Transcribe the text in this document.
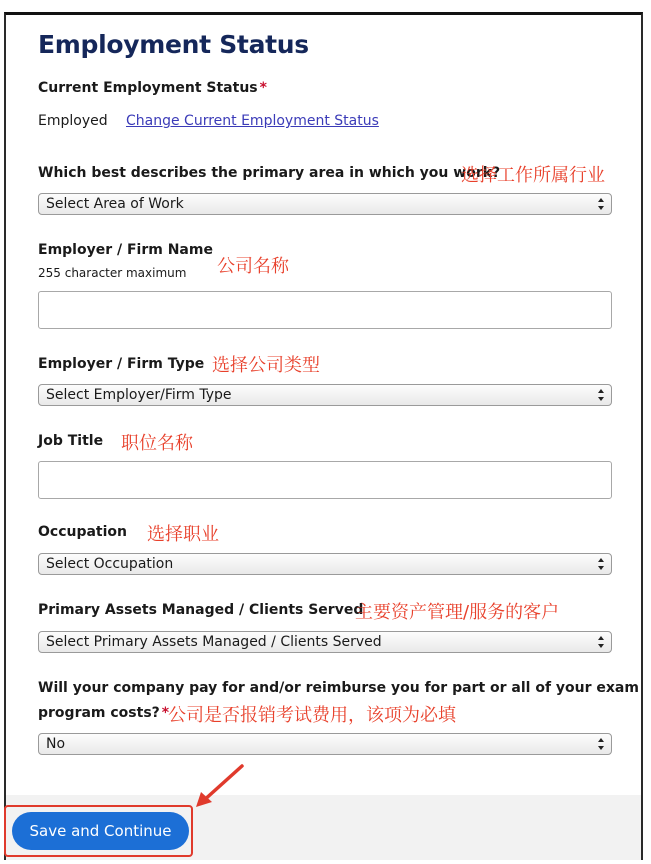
Employment Status
Current Employment Status *
Employed Change Current Employment Status
Which best describes the primary area in which you work?
选择工作所属行业
Select Area of Work
Employer / Firm Name
255 character maximum 公司名称
Employer / Firm Type 选择公司类型
Select Employer/Firm Type
Job Title 职位名称
Occupation 选择职业
Select Occupation
Primary Assets Managed / Clients Served
主要资产管理/服务的客户
Select Primary Assets Managed / Clients Served
Will your company pay for and/or reimburse you for part or all of your exam
program costs? *
公司是否报销考试费用，该项为必填
No
Save and Continue
